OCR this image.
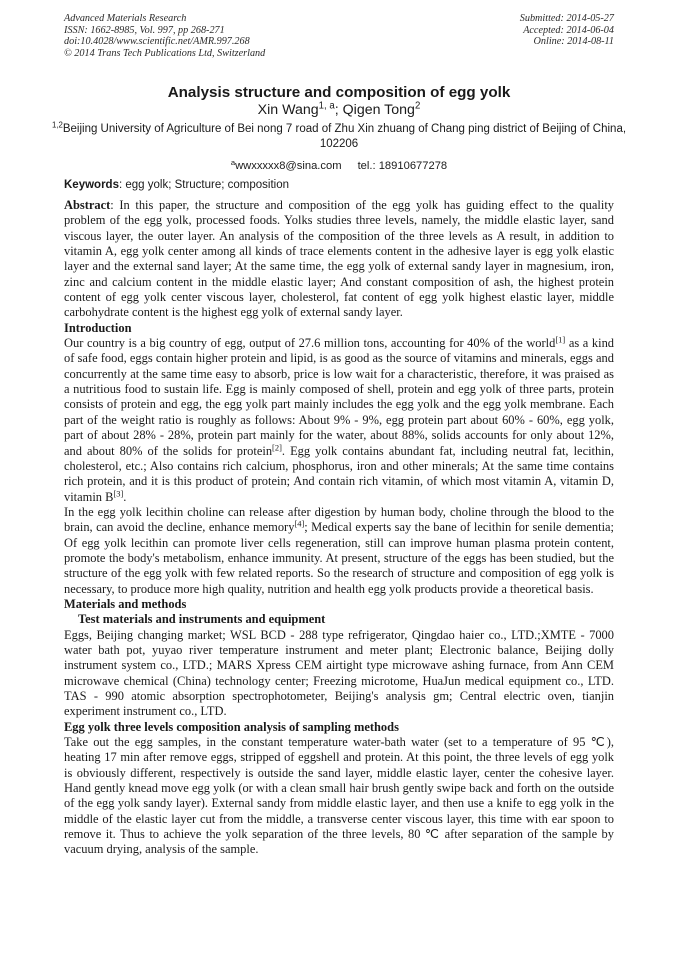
Advanced Materials Research
ISSN: 1662-8985, Vol. 997, pp 268-271
doi:10.4028/www.scientific.net/AMR.997.268
© 2014 Trans Tech Publications Ltd, Switzerland
Submitted: 2014-05-27
Accepted: 2014-06-04
Online: 2014-08-11
Analysis structure and composition of egg yolk
Xin Wang$^{1, a}$; Qigen Tong$^2$
$^{1,2}$Beijing University of Agriculture of Bei nong 7 road of Zhu Xin zhuang of Chang ping district of Beijing of China, 102206
$^a$wwxxxxx8@sina.com tel.: 18910677278
Keywords: egg yolk; Structure; composition

Abstract: In this paper, the structure and composition of the egg yolk has guiding effect to the quality problem of the egg yolk, processed foods. Yolks studies three levels, namely, the middle elastic layer, sand viscous layer, the outer layer. An analysis of the composition of the three levels as A result, in addition to vitamin A, egg yolk center among all kinds of trace elements content in the adhesive layer is egg yolk elastic layer and the external sand layer; At the same time, the egg yolk of external sandy layer in magnesium, iron, zinc and calcium content in the middle elastic layer; And constant composition of ash, the highest protein content of egg yolk center viscous layer, cholesterol, fat content of egg yolk highest elastic layer, middle carbohydrate content is the highest egg yolk of external sandy layer.

Introduction

Our country is a big country of egg, output of 27.6 million tons, accounting for 40% of the world[1] as a kind of safe food, eggs contain higher protein and lipid, is as good as the source of vitamins and minerals, eggs and concurrently at the same time easy to absorb, price is low wait for a characteristic, therefore, it was praised as a nutritious food to sustain life. Egg is mainly composed of shell, protein and egg yolk of three parts, protein consists of protein and egg, the egg yolk part mainly includes the egg yolk and the egg yolk membrane. Each part of the weight ratio is roughly as follows: About 9% - 9%, egg protein part about 60% - 60%, egg yolk, part of about 28% - 28%, protein part mainly for the water, about 88%, solids accounts for only about 12%, and about 80% of the solids for protein[2]. Egg yolk contains abundant fat, including neutral fat, lecithin, cholesterol, etc.; Also contains rich calcium, phosphorus, iron and other minerals; At the same time contains rich protein, and it is this product of protein; And contain rich vitamin, of which most vitamin A, vitamin D, vitamin B[3].

In the egg yolk lecithin choline can release after digestion by human body, choline through the blood to the brain, can avoid the decline, enhance memory[4]; Medical experts say the bane of lecithin for senile dementia; Of egg yolk lecithin can promote liver cells regeneration, still can improve human plasma protein content, promote the body's metabolism, enhance immunity. At present, structure of the eggs has been studied, but the structure of the egg yolk with few related reports. So the research of structure and composition of egg yolk is necessary, to produce more high quality, nutrition and health egg yolk products provide a theoretical basis.

Materials and methods
Test materials and instruments and equipment

Eggs, Beijing changing market; WSL BCD - 288 type refrigerator, Qingdao haier co., LTD.;XMTE - 7000 water bath pot, yuyao river temperature instrument and meter plant; Electronic balance, Beijing dolly instrument system co., LTD.; MARS Xpress CEM airtight type microwave ashing furnace, from Ann CEM microwave chemical (China) technology center; Freezing microtome, HuaJun medical equipment co., LTD. TAS - 990 atomic absorption spectrophotometer, Beijing's analysis gm; Central electric oven, tianjin experiment instrument co., LTD.

Egg yolk three levels composition analysis of sampling methods

Take out the egg samples, in the constant temperature water-bath water (set to a temperature of 95 ℃), heating 17 min after remove eggs, stripped of eggshell and protein. At this point, the three levels of egg yolk is obviously different, respectively is outside the sand layer, middle elastic layer, center the cohesive layer. Hand gently knead move egg yolk (or with a clean small hair brush gently swipe back and forth on the outside of the egg yolk sandy layer). External sandy from middle elastic layer, and then use a knife to egg yolk in the middle of the elastic layer cut from the middle, a transverse center viscous layer, this time with ear spoon to remove it. Thus to achieve the yolk separation of the three levels, 80 ℃ after separation of the sample by vacuum drying, analysis of the sample.
